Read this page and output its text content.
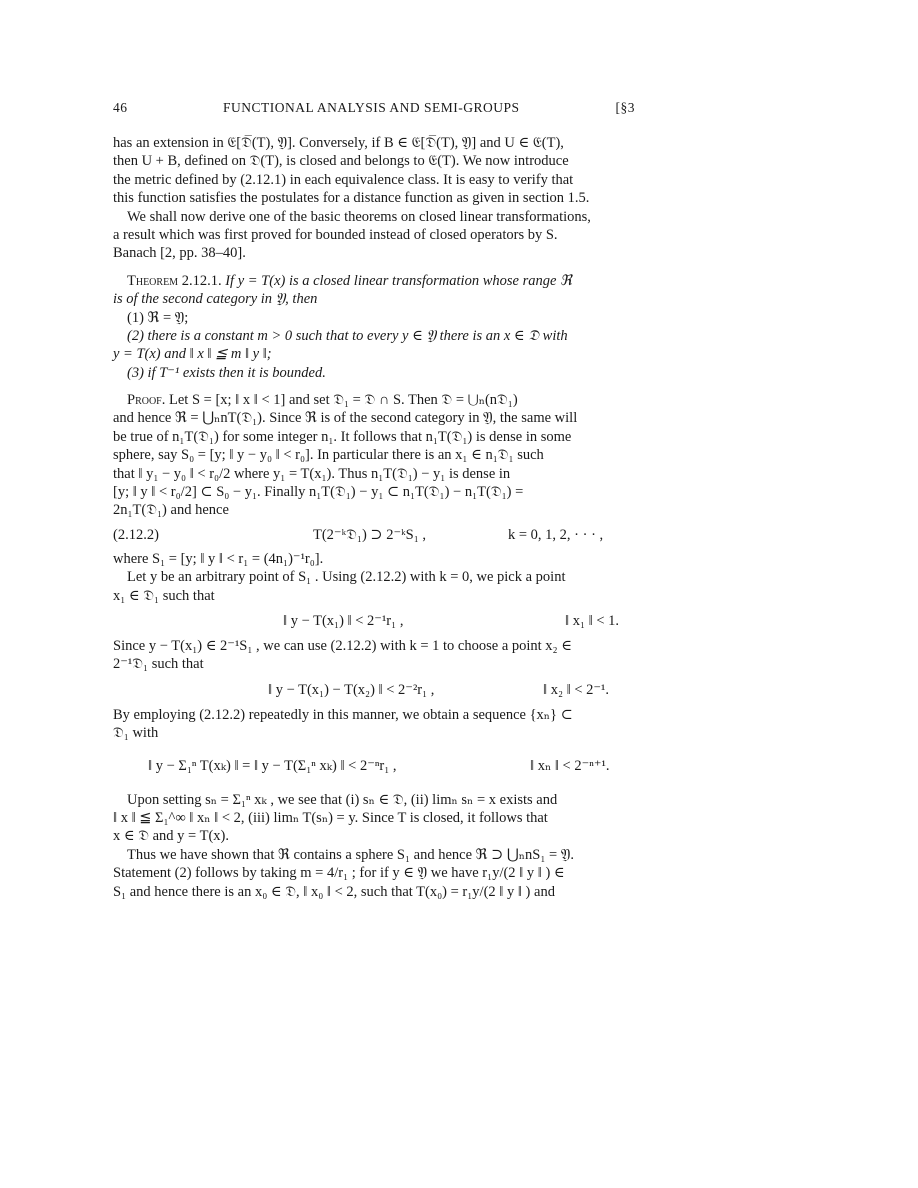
46	FUNCTIONAL ANALYSIS AND SEMI-GROUPS	[§3
has an extension in 𝔈[𝔇̅(T), 𝔜]. Conversely, if B ∈ 𝔈[𝔇̅(T), 𝔜] and U ∈ 𝔈(T),
then U + B, defined on 𝔇(T), is closed and belongs to 𝔈(T). We now introduce
the metric defined by (2.12.1) in each equivalence class. It is easy to verify that
this function satisfies the postulates for a distance function as given in section 1.5.
We shall now derive one of the basic theorems on closed linear transformations,
a result which was first proved for bounded instead of closed operators by S.
Banach [2, pp. 38–40].
Theorem 2.12.1. If y = T(x) is a closed linear transformation whose range ℜ
is of the second category in 𝔜, then
(1) ℜ = 𝔜;
(2) there is a constant m > 0 such that to every y ∈ 𝔜 there is an x ∈ 𝔇 with
y = T(x) and ‖ x ‖ ≦ m ‖ y ‖;
(3) if T⁻¹ exists then it is bounded.
Proof. Let S = [x; ‖ x ‖ < 1] and set 𝔇₁ = 𝔇 ∩ S. Then 𝔇 = ⋃ₙ(n𝔇₁)
and hence ℜ = ⋃ₙnT(𝔇₁). Since ℜ is of the second category in 𝔜, the same will
be true of n₁T(𝔇₁) for some integer n₁. It follows that n₁T(𝔇₁) is dense in some
sphere, say S₀ = [y; ‖ y − y₀ ‖ < r₀]. In particular there is an x₁ ∈ n₁𝔇₁ such
that ‖ y₁ − y₀ ‖ < r₀/2 where y₁ = T(x₁). Thus n₁T(𝔇₁) − y₁ is dense in
[y; ‖ y ‖ < r₀/2] ⊂ S₀ − y₁. Finally n₁T(𝔇₁) − y₁ ⊂ n₁T(𝔇₁) − n₁T(𝔇₁) =
2n₁T(𝔇₁) and hence
(2.12.2)	T(2⁻ᵏ𝔇₁) ⊃ 2⁻ᵏS₁ ,	k = 0, 1, 2, · · · ,
where S₁ = [y; ‖ y ‖ < r₁ = (4n₁)⁻¹r₀].
Let y be an arbitrary point of S₁ . Using (2.12.2) with k = 0, we pick a point
x₁ ∈ 𝔇₁ such that
‖ y − T(x₁) ‖ < 2⁻¹r₁ ,	‖ x₁ ‖ < 1.
Since y − T(x₁) ∈ 2⁻¹S₁ , we can use (2.12.2) with k = 1 to choose a point x₂ ∈
2⁻¹𝔇₁ such that
‖ y − T(x₁) − T(x₂) ‖ < 2⁻²r₁ ,	‖ x₂ ‖ < 2⁻¹.
By employing (2.12.2) repeatedly in this manner, we obtain a sequence {xₙ} ⊂
𝔇₁ with
‖ y − Σ₁ⁿ T(xₖ) ‖ = ‖ y − T(Σ₁ⁿ xₖ) ‖ < 2⁻ⁿr₁ ,	‖ xₙ ‖ < 2⁻ⁿ⁺¹.
Upon setting sₙ = Σ₁ⁿ xₖ , we see that (i) sₙ ∈ 𝔇, (ii) limₙ sₙ = x exists and
‖ x ‖ ≦ Σ₁^∞ ‖ xₙ ‖ < 2, (iii) limₙ T(sₙ) = y. Since T is closed, it follows that
x ∈ 𝔇 and y = T(x).
Thus we have shown that ℜ contains a sphere S₁ and hence ℜ ⊃ ⋃ₙnS₁ = 𝔜.
Statement (2) follows by taking m = 4/r₁ ; for if y ∈ 𝔜 we have r₁y/(2 ‖ y ‖ ) ∈
S₁ and hence there is an x₀ ∈ 𝔇, ‖ x₀ ‖ < 2, such that T(x₀) = r₁y/(2 ‖ y ‖ ) and
